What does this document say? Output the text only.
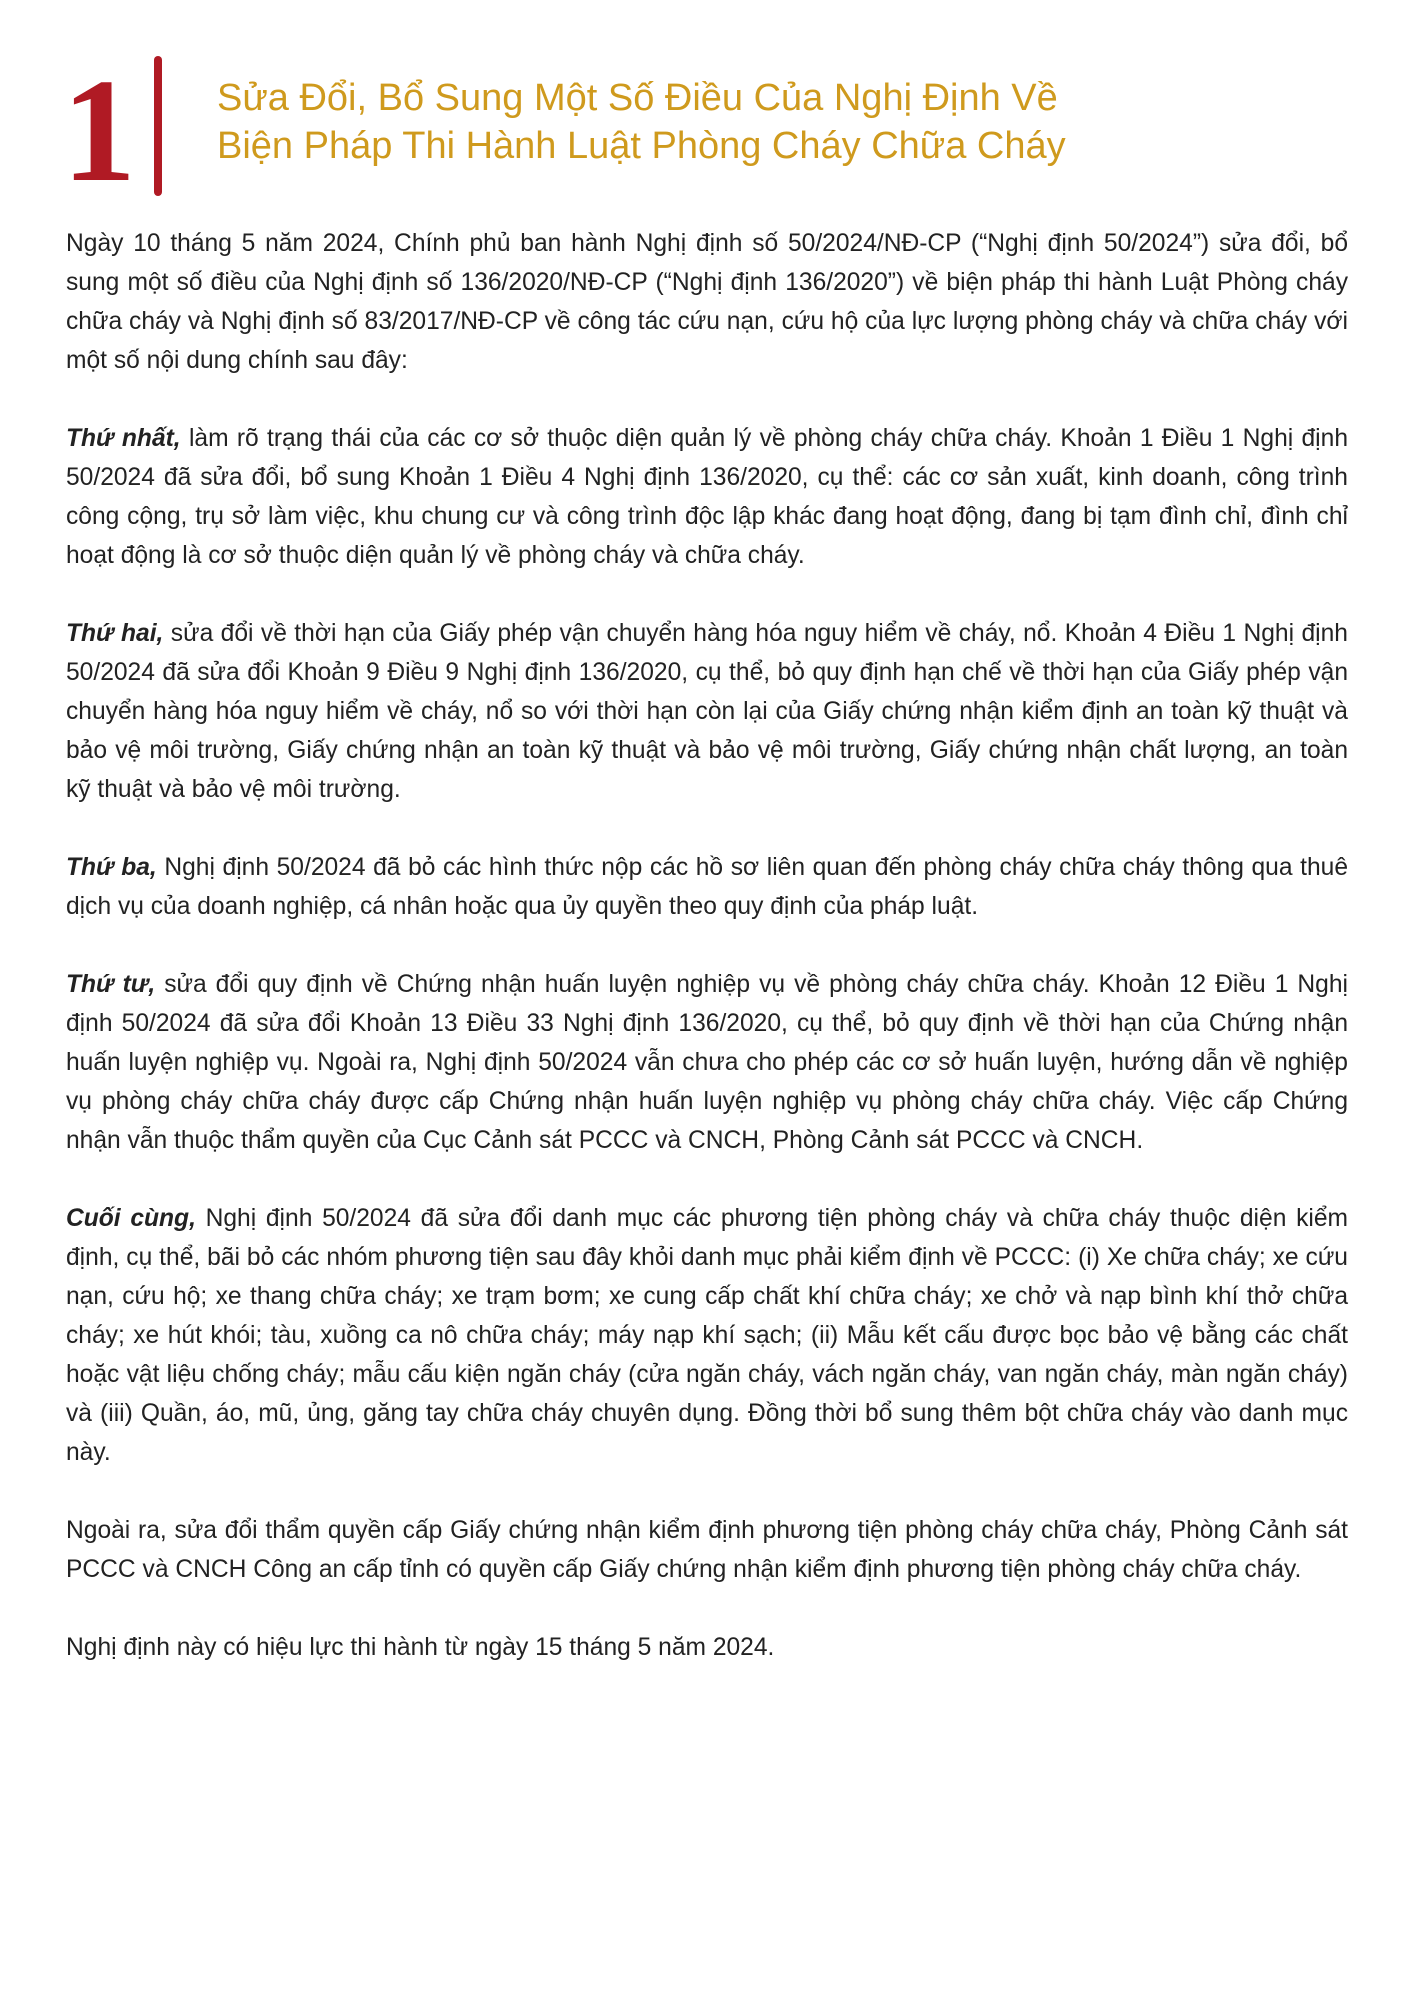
1 Sửa Đổi, Bổ Sung Một Số Điều Của Nghị Định Về
Biện Pháp Thi Hành Luật Phòng Cháy Chữa Cháy

Ngày 10 tháng 5 năm 2024, Chính phủ ban hành Nghị định số 50/2024/NĐ-CP (“Nghị định 50/2024”) sửa đổi, bổ sung một số điều của Nghị định số 136/2020/NĐ-CP (“Nghị định 136/2020”) về biện pháp thi hành Luật Phòng cháy chữa cháy và Nghị định số 83/2017/NĐ-CP về công tác cứu nạn, cứu hộ của lực lượng phòng cháy và chữa cháy với một số nội dung chính sau đây:

Thứ nhất, làm rõ trạng thái của các cơ sở thuộc diện quản lý về phòng cháy chữa cháy. Khoản 1 Điều 1 Nghị định 50/2024 đã sửa đổi, bổ sung Khoản 1 Điều 4 Nghị định 136/2020, cụ thể: các cơ sản xuất, kinh doanh, công trình công cộng, trụ sở làm việc, khu chung cư và công trình độc lập khác đang hoạt động, đang bị tạm đình chỉ, đình chỉ hoạt động là cơ sở thuộc diện quản lý về phòng cháy và chữa cháy.

Thứ hai, sửa đổi về thời hạn của Giấy phép vận chuyển hàng hóa nguy hiểm về cháy, nổ. Khoản 4 Điều 1 Nghị định 50/2024 đã sửa đổi Khoản 9 Điều 9 Nghị định 136/2020, cụ thể, bỏ quy định hạn chế về thời hạn của Giấy phép vận chuyển hàng hóa nguy hiểm về cháy, nổ so với thời hạn còn lại của Giấy chứng nhận kiểm định an toàn kỹ thuật và bảo vệ môi trường, Giấy chứng nhận an toàn kỹ thuật và bảo vệ môi trường, Giấy chứng nhận chất lượng, an toàn kỹ thuật và bảo vệ môi trường.

Thứ ba, Nghị định 50/2024 đã bỏ các hình thức nộp các hồ sơ liên quan đến phòng cháy chữa cháy thông qua thuê dịch vụ của doanh nghiệp, cá nhân hoặc qua ủy quyền theo quy định của pháp luật.

Thứ tư, sửa đổi quy định về Chứng nhận huấn luyện nghiệp vụ về phòng cháy chữa cháy. Khoản 12 Điều 1 Nghị định 50/2024 đã sửa đổi Khoản 13 Điều 33 Nghị định 136/2020, cụ thể, bỏ quy định về thời hạn của Chứng nhận huấn luyện nghiệp vụ. Ngoài ra, Nghị định 50/2024 vẫn chưa cho phép các cơ sở huấn luyện, hướng dẫn về nghiệp vụ phòng cháy chữa cháy được cấp Chứng nhận huấn luyện nghiệp vụ phòng cháy chữa cháy. Việc cấp Chứng nhận vẫn thuộc thẩm quyền của Cục Cảnh sát PCCC và CNCH, Phòng Cảnh sát PCCC và CNCH.

Cuối cùng, Nghị định 50/2024 đã sửa đổi danh mục các phương tiện phòng cháy và chữa cháy thuộc diện kiểm định, cụ thể, bãi bỏ các nhóm phương tiện sau đây khỏi danh mục phải kiểm định về PCCC: (i) Xe chữa cháy; xe cứu nạn, cứu hộ; xe thang chữa cháy; xe trạm bơm; xe cung cấp chất khí chữa cháy; xe chở và nạp bình khí thở chữa cháy; xe hút khói; tàu, xuồng ca nô chữa cháy; máy nạp khí sạch; (ii) Mẫu kết cấu được bọc bảo vệ bằng các chất hoặc vật liệu chống cháy; mẫu cấu kiện ngăn cháy (cửa ngăn cháy, vách ngăn cháy, van ngăn cháy, màn ngăn cháy) và (iii) Quần, áo, mũ, ủng, găng tay chữa cháy chuyên dụng. Đồng thời bổ sung thêm bột chữa cháy vào danh mục này.

Ngoài ra, sửa đổi thẩm quyền cấp Giấy chứng nhận kiểm định phương tiện phòng cháy chữa cháy, Phòng Cảnh sát PCCC và CNCH Công an cấp tỉnh có quyền cấp Giấy chứng nhận kiểm định phương tiện phòng cháy chữa cháy.

Nghị định này có hiệu lực thi hành từ ngày 15 tháng 5 năm 2024.
